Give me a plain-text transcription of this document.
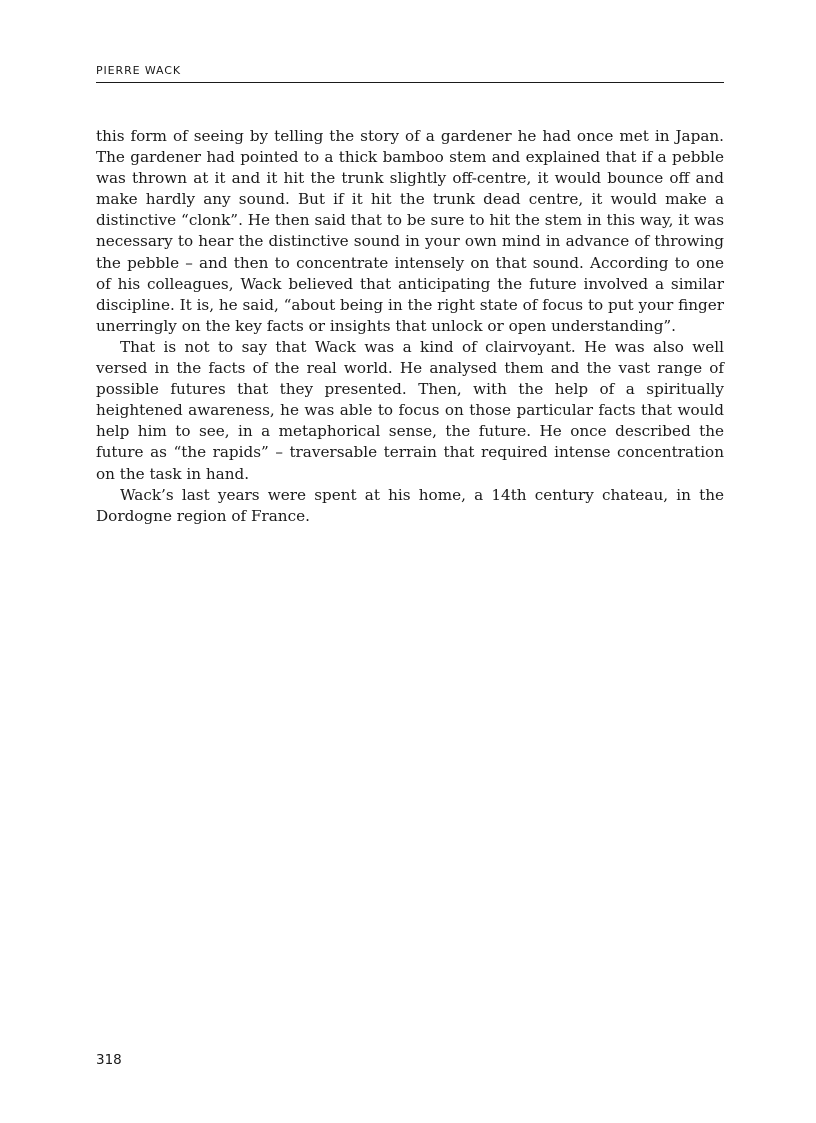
PIERRE WACK

this form of seeing by telling the story of a gardener he had once met in Japan. The gardener had pointed to a thick bamboo stem and explained that if a pebble was thrown at it and it hit the trunk slightly off-centre, it would bounce off and make hardly any sound. But if it hit the trunk dead centre, it would make a distinctive “clonk”. He then said that to be sure to hit the stem in this way, it was necessary to hear the distinctive sound in your own mind in advance of throwing the pebble – and then to concentrate intensely on that sound. According to one of his colleagues, Wack believed that anticipating the future involved a similar discipline. It is, he said, “about being in the right state of focus to put your finger unerringly on the key facts or insights that unlock or open understanding”.

That is not to say that Wack was a kind of clairvoyant. He was also well versed in the facts of the real world. He analysed them and the vast range of possible futures that they presented. Then, with the help of a spiritually heightened awareness, he was able to focus on those particular facts that would help him to see, in a metaphorical sense, the future. He once described the future as “the rapids” – traversable terrain that required intense concentration on the task in hand.

Wack’s last years were spent at his home, a 14th century chateau, in the Dordogne region of France.

318
